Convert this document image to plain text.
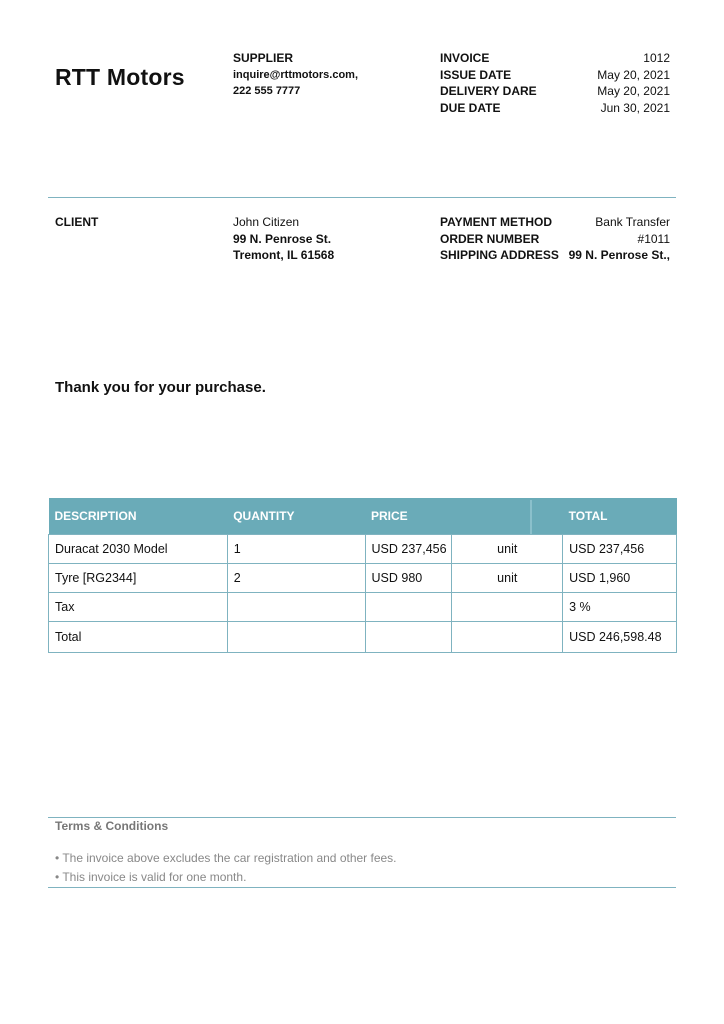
RTT Motors
SUPPLIER
inquire@rttmotors.com,
222 555 7777
INVOICE	1012
ISSUE DATE	May 20, 2021
DELIVERY DARE	May 20, 2021
DUE DATE	Jun 30, 2021
CLIENT	John Citizen
99 N. Penrose St.
Tremont, IL 61568
PAYMENT METHOD	Bank Transfer
ORDER NUMBER	#1011
SHIPPING ADDRESS 99 N. Penrose St.,
Thank you for your purchase.
DESCRIPTION	QUANTITY	PRICE		TOTAL
Duracat 2030 Model	1	USD 237,456	unit	USD 237,456
Tyre [RG2344]	2	USD 980	unit	USD 1,960
Tax				3 %
Total				USD 246,598.48
Terms & Conditions
• The invoice above excludes the car registration and other fees.
• This invoice is valid for one month.
